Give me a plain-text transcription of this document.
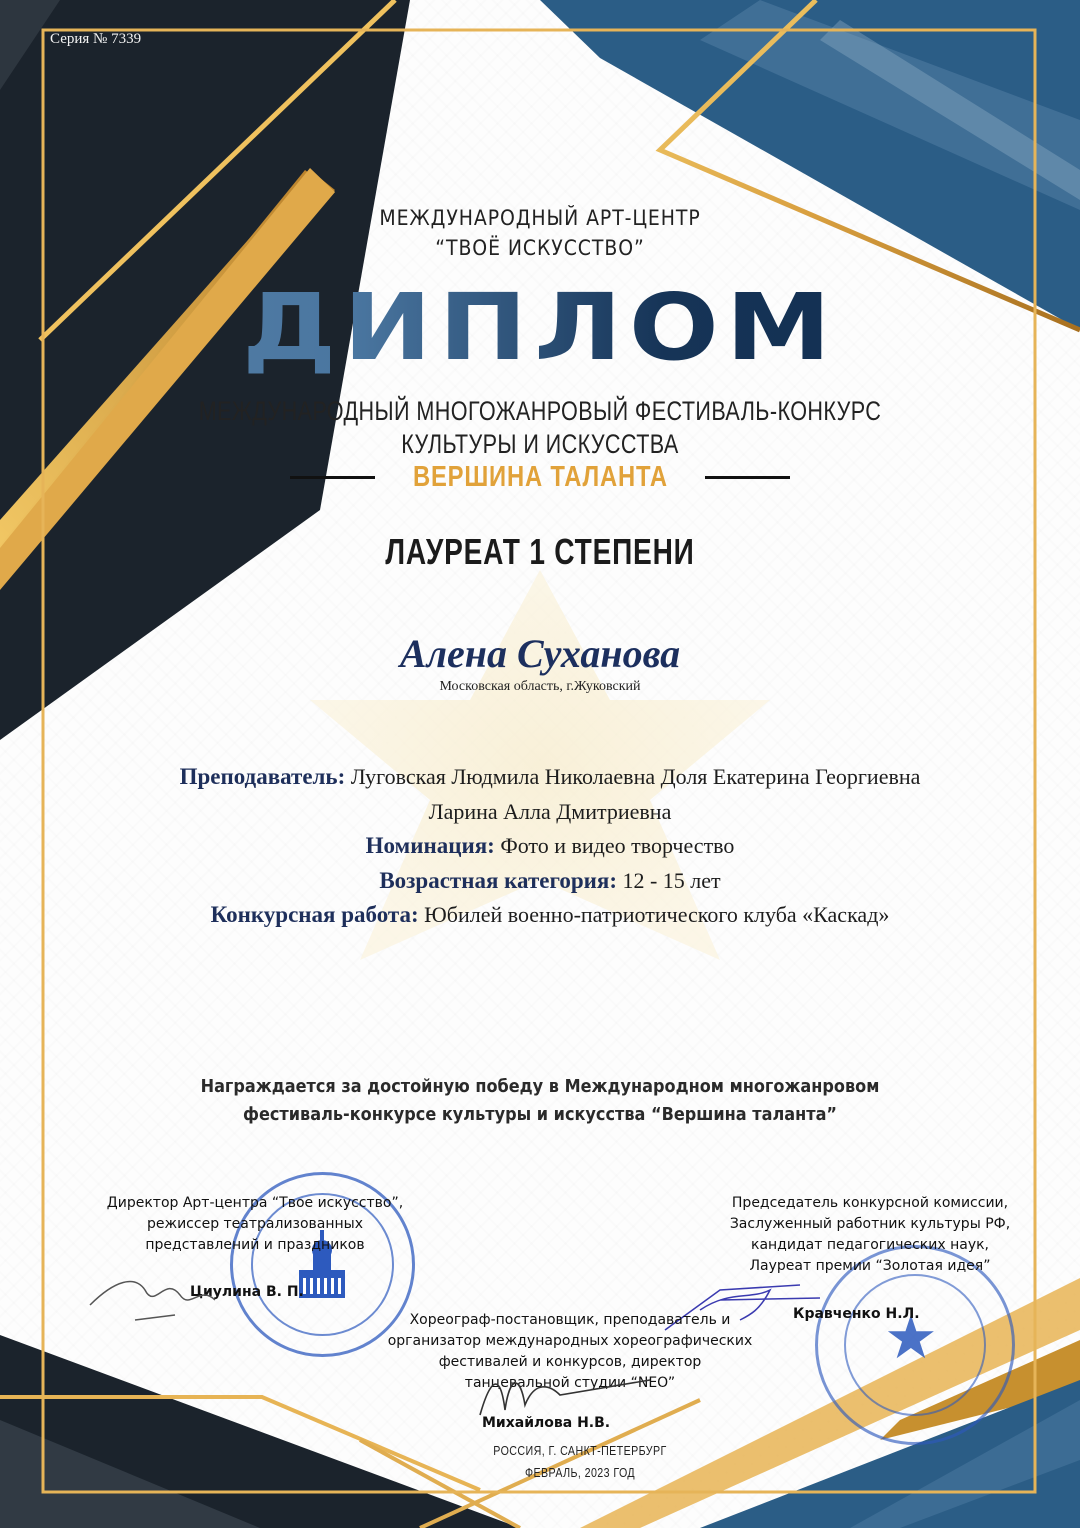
Серия № 7339
МЕЖДУНАРОДНЫЙ АРТ-ЦЕНТР
“ТВОЁ ИСКУССТВО”
ДИПЛОМ
МЕЖДУНАРОДНЫЙ МНОГОЖАНРОВЫЙ ФЕСТИВАЛЬ-КОНКУРС
КУЛЬТУРЫ И ИСКУССТВА
ВЕРШИНА ТАЛАНТА
ЛАУРЕАТ 1 СТЕПЕНИ
Алена Суханова
Московская область, г.Жуковский

Преподаватель: Луговская Людмила Николаевна Доля Екатерина Георгиевна Ларина Алла Дмитриевна

Номинация: Фото и видео творчество

Возрастная категория: 12 - 15 лет

Конкурсная работа: Юбилей военно-патриотического клуба «Каскад»

Награждается за достойную победу в Международном многожанровом
фестиваль-конкурсе культуры и искусства “Вершина таланта”
★
Директор Арт-центра “Твое искусство”,
режиссер театрализованных
представлений и праздников
Циулина В. П.
Председатель конкурсной комиссии,
Заслуженный работник культуры РФ,
кандидат педагогических наук,
Лауреат премии “Золотая идея”
Кравченко Н.Л.
Хореограф-постановщик, преподаватель и
организатор международных хореографических
фестивалей и конкурсов, директор
танцевальной студии “NEO”
Михайлова Н.В.
РОССИЯ, Г. САНКТ-ПЕТЕРБУРГ
ФЕВРАЛЬ, 2023 ГОД
